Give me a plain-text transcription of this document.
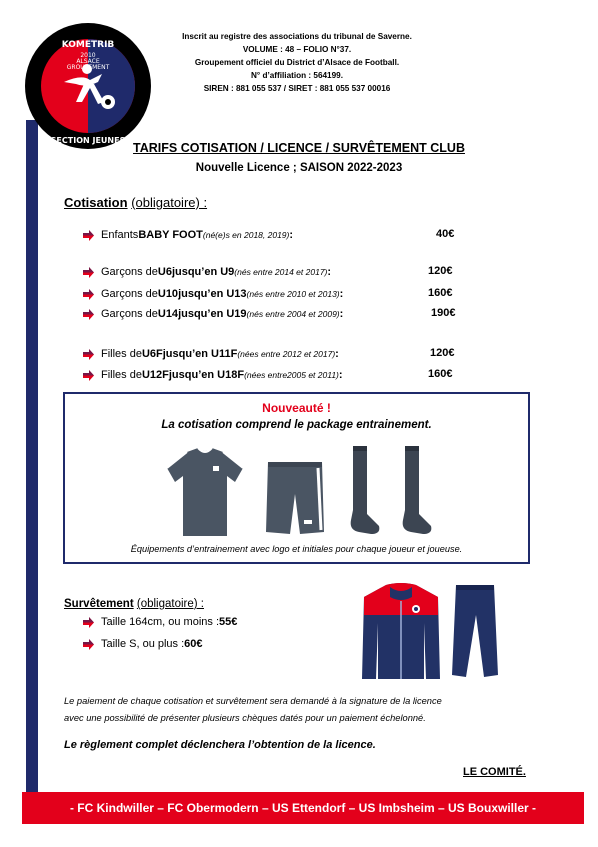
KOMETRIB
2010
ALSACE
GROUPEMENT
SECTION JEUNES
Inscrit au registre des associations du tribunal de Saverne.
VOLUME : 48 – FOLIO N°37.
Groupement officiel du District d’Alsace de Football.
N° d’affiliation : 564199.
SIREN : 881 055 537 / SIRET : 881 055 537 00016
TARIFS COTISATION / LICENCE / SURVÊTEMENT CLUB
Nouvelle Licence ; SAISON 2022-2023
Cotisation (obligatoire) :
Enfants BABY FOOT (né(e)s en 2018, 2019) :	40€
Garçons de U6 jusqu’en U9 (nés entre 2014 et 2017) :	120€
Garçons de U10 jusqu’en U13 (nés entre 2010 et 2013) :	160€
Garçons de U14 jusqu’en U19 (nés entre 2004 et 2009) :	190€
Filles de U6F jusqu’en U11F (nées entre 2012 et 2017) :	120€
Filles de U12F jusqu’en U18F (nées entre2005 et 2011) :	160€
Nouveauté !
La cotisation comprend le package entrainement.
Équipements d’entrainement avec logo et initiales pour chaque joueur et joueuse.
Survêtement (obligatoire) :
Taille 164cm, ou moins : 55€
Taille S, ou plus : 60€
Le paiement de chaque cotisation et survêtement sera demandé à la signature de la licence
avec une possibilité de présenter plusieurs chèques datés pour un paiement échelonné.
Le règlement complet déclenchera l’obtention de la licence.
LE COMITÉ.
- FC Kindwiller – FC Obermodern – US Ettendorf – US Imbsheim – US Bouxwiller -
